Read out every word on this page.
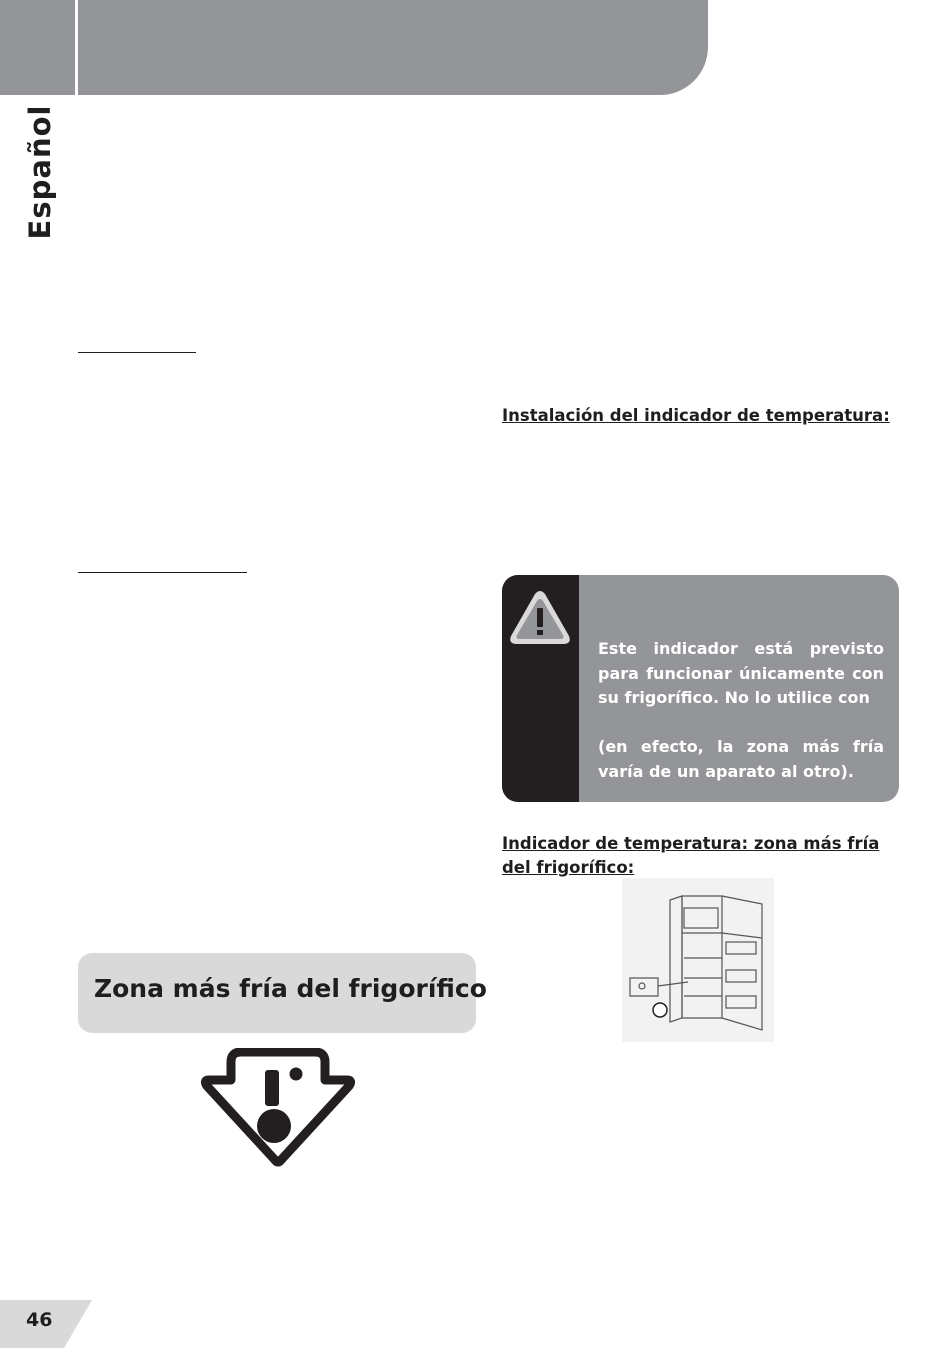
Español
Instalación del indicador de temperatura:
Este indicador está previsto para funcionar únicamente con su frigorífico. No lo utilice con

(en efecto, la zona más fría varía de un aparato al otro).
Indicador de temperatura: zona más fría del frigorífico:
Zona más fría del frigorífico
46
